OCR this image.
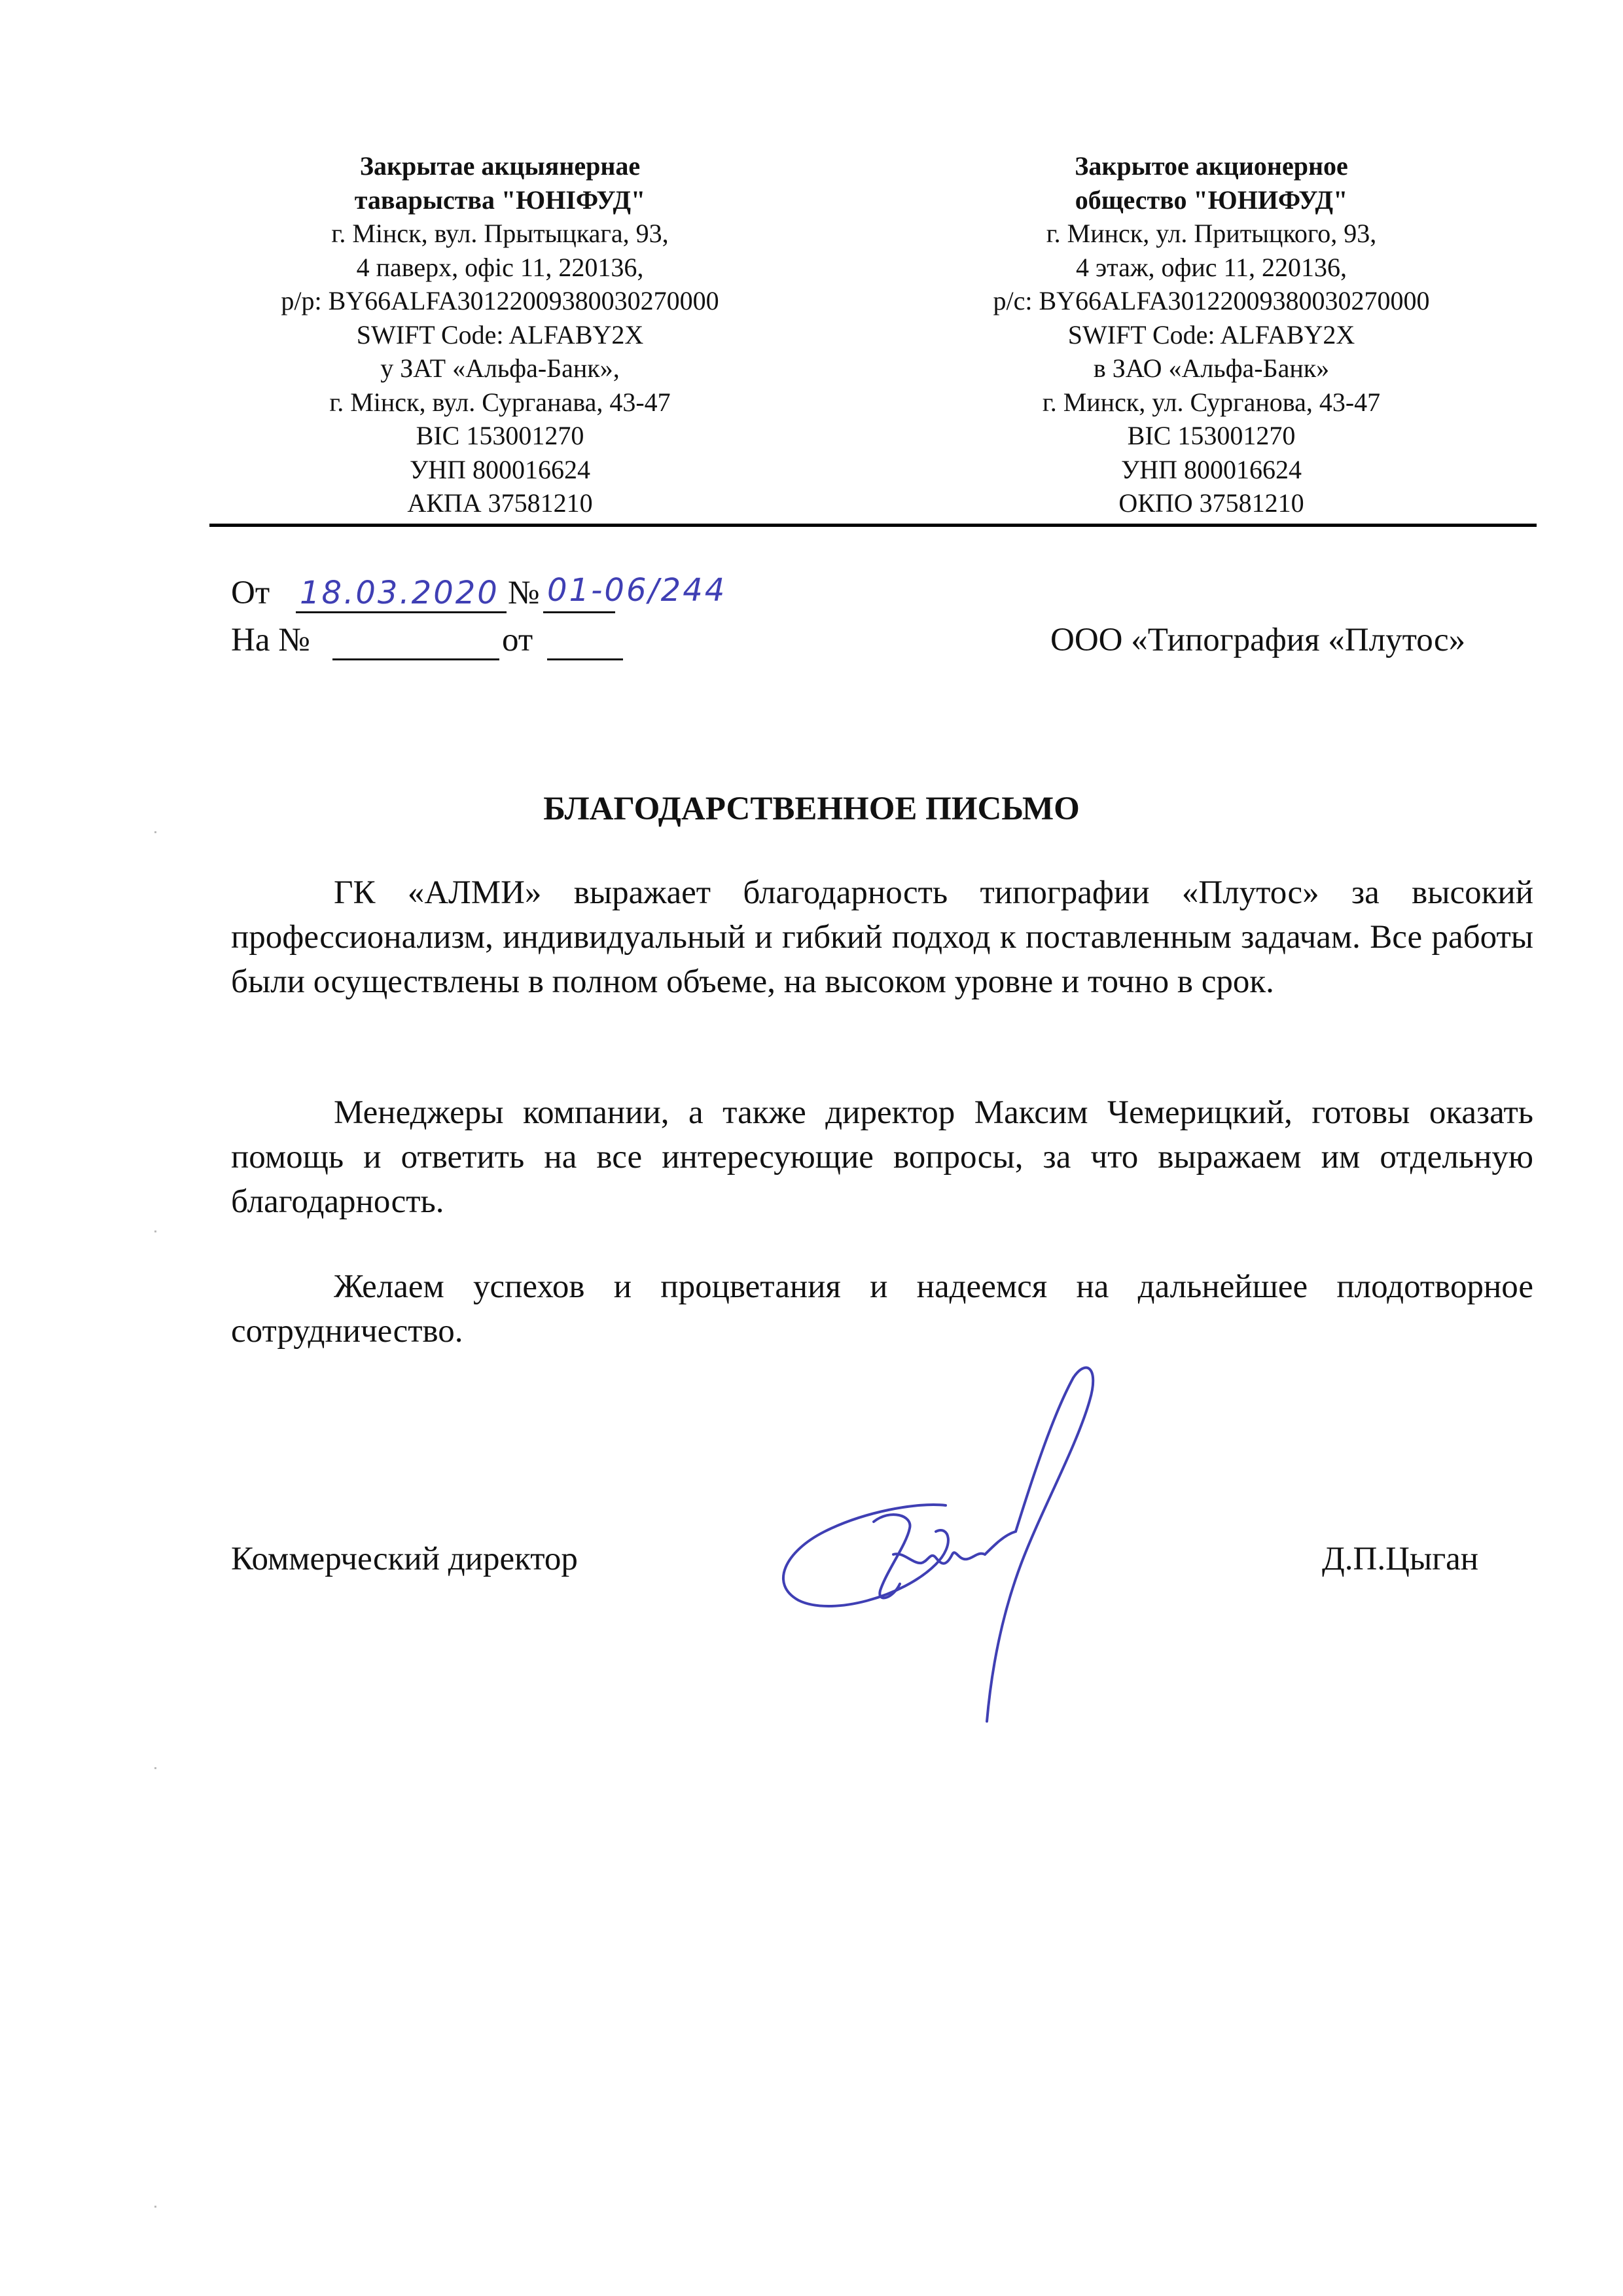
Закрытае акцыянернае
таварыства "ЮНІФУД"
г. Мінск, вул. Прытыцкага, 93,
4 паверх, офіс 11, 220136,
р/р: BY66ALFA30122009380030270000
SWIFT Code: ALFABY2X
у ЗАТ «Альфа-Банк»,
г. Мінск, вул. Сурганава, 43-47
BIC 153001270
УНП 800016624
АКПА 37581210
Закрытое акционерное
общество "ЮНИФУД"
г. Минск, ул. Притыцкого, 93,
4 этаж, офис 11, 220136,
р/с: BY66ALFA30122009380030270000
SWIFT Code: ALFABY2X
в ЗАО «Альфа-Банк»
г. Минск, ул. Сурганова, 43-47
BIC 153001270
УНП 800016624
ОКПО 37581210
От 18.03.2020 № 01-06/244
На №	от	ООО «Типография «Плутос»
БЛАГОДАРСТВЕННОЕ ПИСЬМО

ГК «АЛМИ» выражает благодарность типографии «Плутос» за высокий профессионализм, индивидуальный и гибкий подход к поставленным задачам. Все работы были осуществлены в полном объеме, на высоком уровне и точно в срок.

Менеджеры компании, а также директор Максим Чемерицкий, готовы оказать помощь и ответить на все интересующие вопросы, за что выражаем им отдельную благодарность.

Желаем успехов и процветания и надеемся на дальнейшее плодотворное сотрудничество.

Коммерческий директор	Д.П.Цыган
